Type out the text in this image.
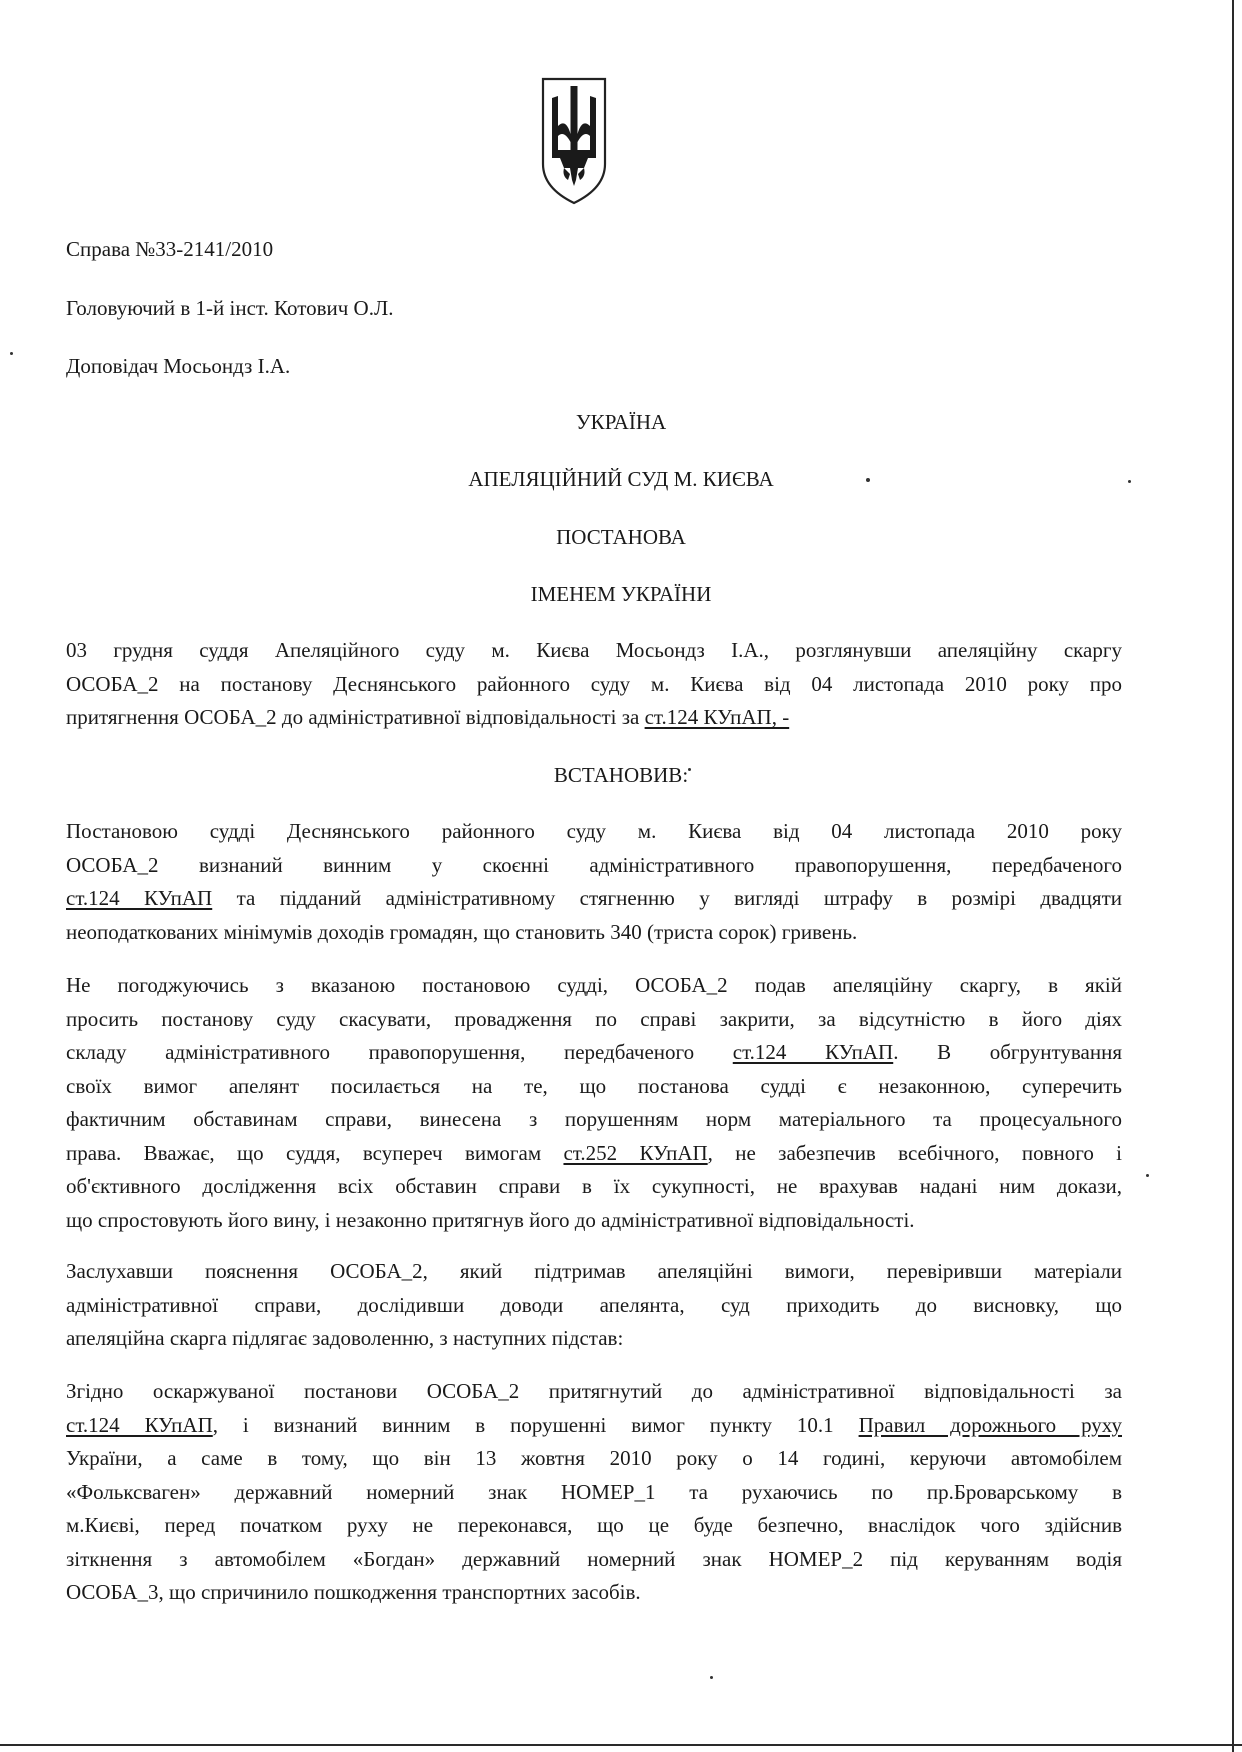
Справа №33-2141/2010
Головуючий в 1-й інст. Котович О.Л.
Доповідач Мосьондз І.А.
УКРАЇНА
АПЕЛЯЦІЙНИЙ СУД М. КИЄВА
ПОСТАНОВА
ІМЕНЕМ УКРАЇНИ
03 грудня суддя Апеляційного суду м. Києва Мосьондз І.А., розглянувши апеляційну скаргу
ОСОБА_2 на постанову Деснянського районного суду м. Києва від 04 листопада 2010 року про
притягнення ОСОБА_2 до адміністративної відповідальності за ст.124 КУпАП, -
ВСТАНОВИВ:
Постановою судді Деснянського районного суду м. Києва від 04 листопада 2010 року
ОСОБА_2 визнаний винним у скоєнні адміністративного правопорушення, передбаченого
ст.124 КУпАП та підданий адміністративному стягненню у вигляді штрафу в розмірі двадцяти
неоподаткованих мінімумів доходів громадян, що становить 340 (триста сорок) гривень.
Не погоджуючись з вказаною постановою судді, ОСОБА_2 подав апеляційну скаргу, в якій
просить постанову суду скасувати, провадження по справі закрити, за відсутністю в його діях
складу адміністративного правопорушення, передбаченого ст.124 КУпАП. В обгрунтування
своїх вимог апелянт посилається на те, що постанова судді є незаконною, суперечить
фактичним обставинам справи, винесена з порушенням норм матеріального та процесуального
права. Вважає, що суддя, всупереч вимогам ст.252 КУпАП, не забезпечив всебічного, повного і
об'єктивного дослідження всіх обставин справи в їх сукупності, не врахував надані ним докази,
що спростовують його вину, і незаконно притягнув його до адміністративної відповідальності.
Заслухавши пояснення ОСОБА_2, який підтримав апеляційні вимоги, перевіривши матеріали
адміністративної справи, дослідивши доводи апелянта, суд приходить до висновку, що
апеляційна скарга підлягає задоволенню, з наступних підстав:
Згідно оскаржуваної постанови ОСОБА_2 притягнутий до адміністративної відповідальності за
ст.124 КУпАП, і визнаний винним в порушенні вимог пункту 10.1 Правил дорожнього руху
України, а саме в тому, що він 13 жовтня 2010 року о 14 годині, керуючи автомобілем
«Фольксваген» державний номерний знак НОМЕР_1 та рухаючись по пр.Броварському в
м.Києві, перед початком руху не переконався, що це буде безпечно, внаслідок чого здійснив
зіткнення з автомобілем «Богдан» державний номерний знак НОМЕР_2 під керуванням водія
ОСОБА_3, що спричинило пошкодження транспортних засобів.
